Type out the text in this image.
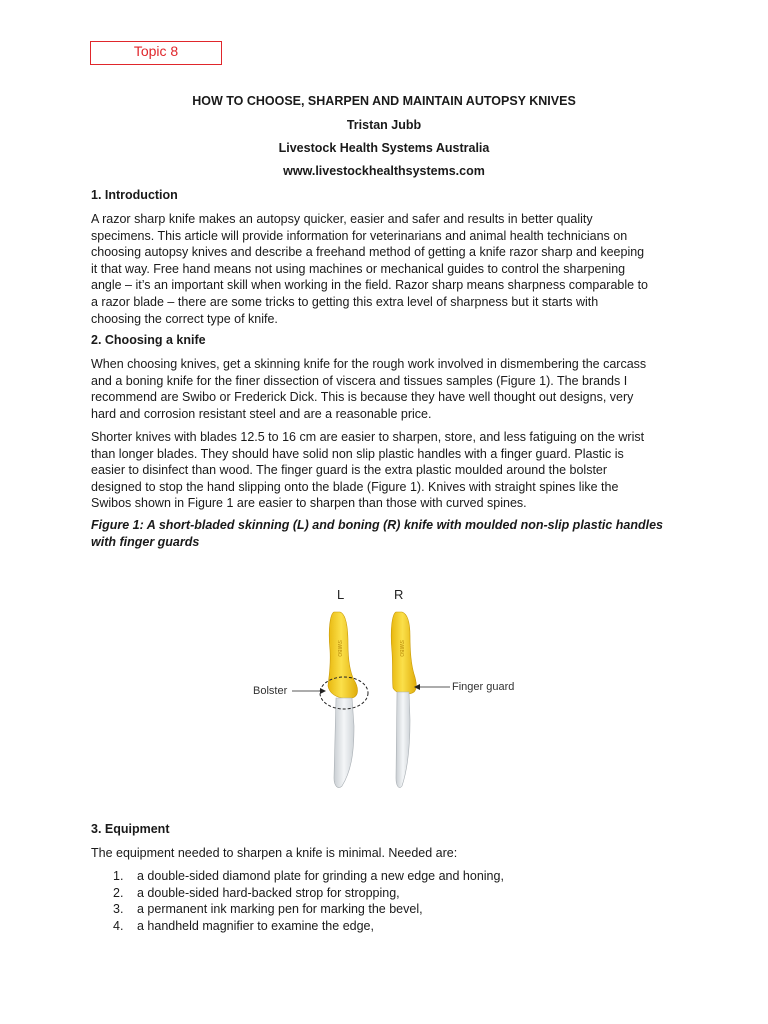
Topic 8
HOW TO CHOOSE, SHARPEN AND MAINTAIN AUTOPSY KNIVES
Tristan Jubb
Livestock Health Systems Australia
www.livestockhealthsystems.com
1. Introduction
A razor sharp knife makes an autopsy quicker, easier and safer and results in better quality
specimens. This article will provide information for veterinarians and animal health technicians on
choosing autopsy knives and describe a freehand method of getting a knife razor sharp and keeping
it that way. Free hand means not using machines or mechanical guides to control the sharpening
angle – it’s an important skill when working in the field. Razor sharp means sharpness comparable to
a razor blade – there are some tricks to getting this extra level of sharpness but it starts with
choosing the correct type of knife.
2. Choosing a knife
When choosing knives, get a skinning knife for the rough work involved in dismembering the carcass
and a boning knife for the finer dissection of viscera and tissues samples (Figure 1). The brands I
recommend are Swibo or Frederick Dick. This is because they have well thought out designs, very
hard and corrosion resistant steel and are a reasonable price.
Shorter knives with blades 12.5 to 16 cm are easier to sharpen, store, and less fatiguing on the wrist
than longer blades. They should have solid non slip plastic handles with a finger guard. Plastic is
easier to disinfect than wood. The finger guard is the extra plastic moulded around the bolster
designed to stop the hand slipping onto the blade (Figure 1). Knives with straight spines like the
Swibos shown in Figure 1 are easier to sharpen than those with curved spines.
Figure 1: A short-bladed skinning (L) and boning (R) knife with moulded non-slip plastic handles
with finger guards
L	R
Bolster	Finger guard
SWIBO	SWIBO
3. Equipment
The equipment needed to sharpen a knife is minimal. Needed are:
1. a double-sided diamond plate for grinding a new edge and honing,
2. a double-sided hard-backed strop for stropping,
3. a permanent ink marking pen for marking the bevel,
4. a handheld magnifier to examine the edge,
